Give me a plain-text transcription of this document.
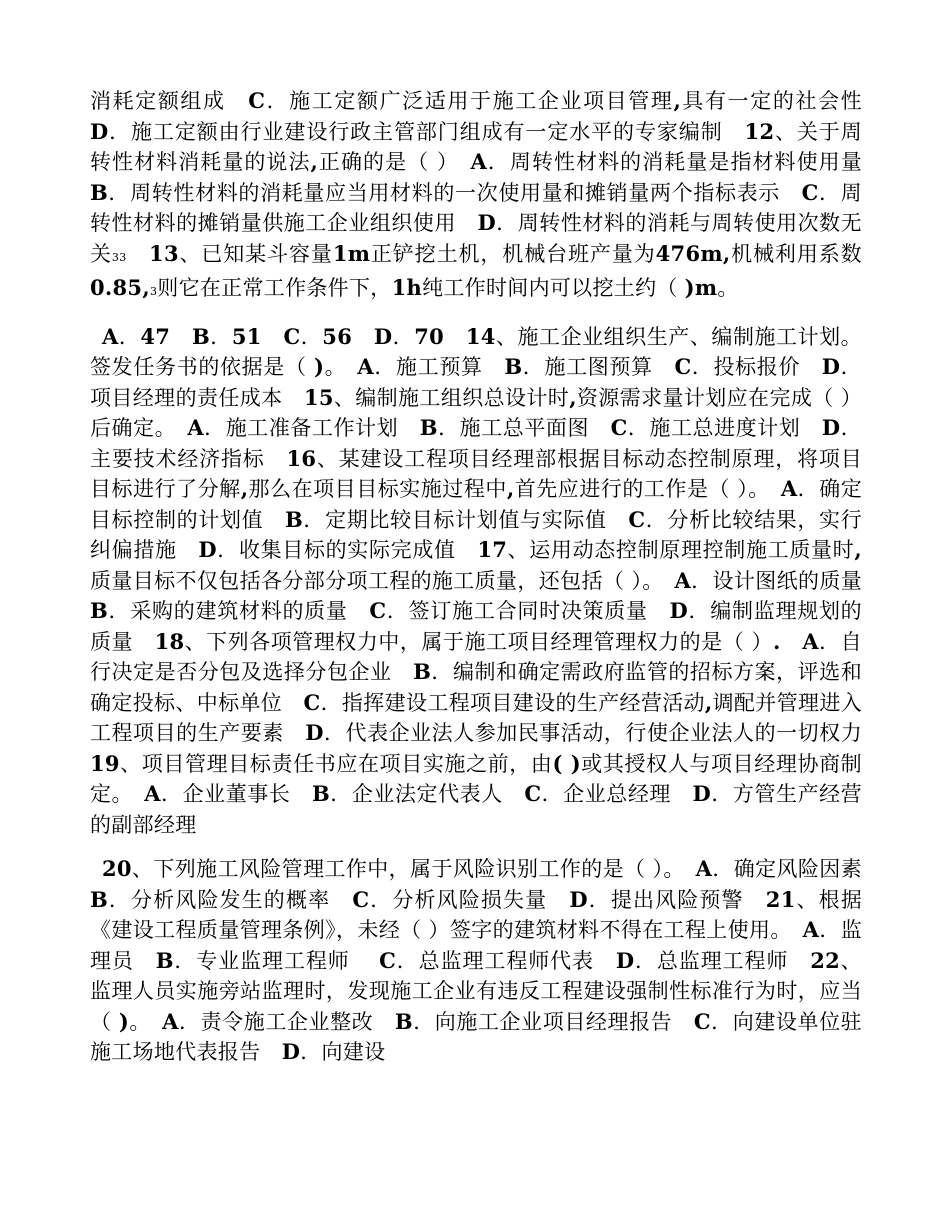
消耗定额组成　C．施工定额广泛适用于施工企业项目管理,具有一定的社会性　D．施工定额由行业建设行政主管部门组成有一定水平的专家编制　12、关于周转性材料消耗量的说法,正确的是（ ）　A．周转性材料的消耗量是指材料使用量　B．周转性材料的消耗量应当用材料的一次使用量和摊销量两个指标表示　C．周转性材料的摊销量供施工企业组织使用　D．周转性材料的消耗与周转使用次数无关33　 13、已知某斗容量1m正铲挖土机，机械台班产量为476m,机械利用系数0.85,3则它在正常工作条件下，1h纯工作时间内可以挖土约（ )m。

A．47　B．51　C．56　D．70　14、施工企业组织生产、编制施工计划。签发任务书的依据是（ )。　A．施工预算　B．施工图预算　C．投标报价　D．项目经理的责任成本　15、编制施工组织总设计时,资源需求量计划应在完成（ ）后确定。　A．施工准备工作计划　B．施工总平面图　C．施工总进度计划　D．主要技术经济指标　16、某建设工程项目经理部根据目标动态控制原理，将项目目标进行了分解,那么在项目目标实施过程中,首先应进行的工作是（ ）。　A．确定目标控制的计划值　B．定期比较目标计划值与实际值　C．分析比较结果，实行纠偏措施　D．收集目标的实际完成值　17、运用动态控制原理控制施工质量时,质量目标不仅包括各分部分项工程的施工质量，还包括（ ）。　A．设计图纸的质量　B．采购的建筑材料的质量　C．签订施工合同时决策质量　D．编制监理规划的质量　18、下列各项管理权力中，属于施工项目经理管理权力的是（ ）.　A．自行决定是否分包及选择分包企业　B．编制和确定需政府监管的招标方案，评选和确定投标、中标单位　C．指挥建设工程项目建设的生产经营活动,调配并管理进入工程项目的生产要素　D．代表企业法人参加民事活动，行使企业法人的一切权力　19、项目管理目标责任书应在项目实施之前，由( )或其授权人与项目经理协商制定。　A．企业董事长　B．企业法定代表人　C．企业总经理　D．方管生产经营的副部经理

20、下列施工风险管理工作中，属于风险识别工作的是（ ）。　A．确定风险因素　B．分析风险发生的概率　C．分析风险损失量　D．提出风险预警　21、根据《建设工程质量管理条例》，未经（ ）签字的建筑材料不得在工程上使用。　A．监理员　B．专业监理工程师　 C．总监理工程师代表　D．总监理工程师　22、监理人员实施旁站监理时，发现施工企业有违反工程建设强制性标准行为时，应当（ )。　A．责令施工企业整改　B．向施工企业项目经理报告　C．向建设单位驻施工场地代表报告　D．向建设
